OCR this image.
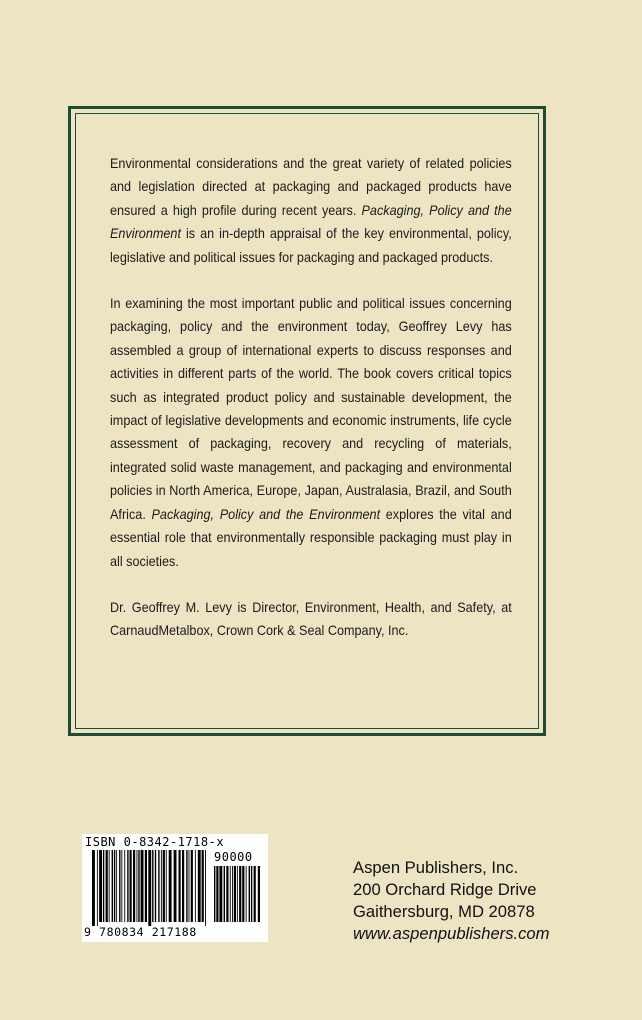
Environmental considerations and the great variety of related policies and legislation directed at packaging and packaged products have ensured a high profile during recent years. Packaging, Policy and the Environment is an in-depth appraisal of the key environmental, policy, legislative and political issues for packaging and packaged products.

In examining the most important public and political issues concerning packaging, policy and the environment today, Geoffrey Levy has assembled a group of international experts to discuss responses and activities in different parts of the world. The book covers critical topics such as integrated product policy and sustainable development, the impact of legislative developments and economic instruments, life cycle assessment of packaging, recovery and recycling of materials, integrated solid waste management, and packaging and environmental policies in North America, Europe, Japan, Australasia, Brazil, and South Africa. Packaging, Policy and the Environment explores the vital and essential role that environmentally responsible packaging must play in all societies.

Dr. Geoffrey M. Levy is Director, Environment, Health, and Safety, at CarnaudMetalbox, Crown Cork & Seal Company, Inc.

ISBN 0-8342-1718-x
90000
9 780834 217188
Aspen Publishers, Inc.
200 Orchard Ridge Drive
Gaithersburg, MD 20878
www.aspenpublishers.com
